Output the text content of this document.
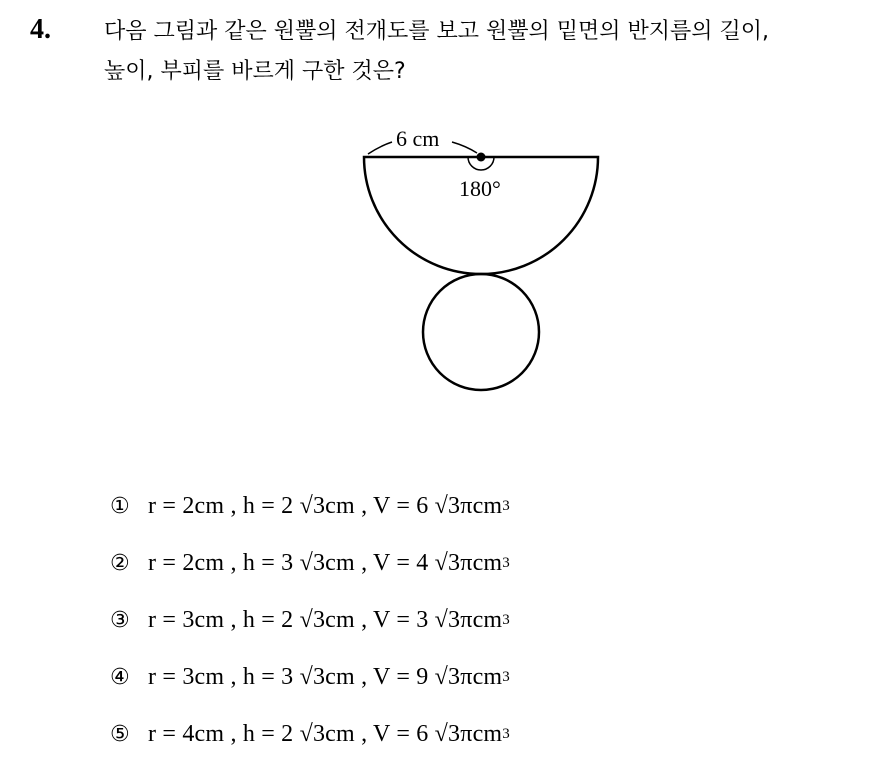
4. 다음 그림과 같은 원뿔의 전개도를 보고 원뿔의 밑면의 반지름의 길이,
높이, 부피를 바르게 구한 것은?
6 cm
180°
① r = 2cm , h = 2 √3cm , V = 6 √3πcm 3
② r = 2cm , h = 3 √3cm , V = 4 √3πcm 3
③ r = 3cm , h = 2 √3cm , V = 3 √3πcm 3
④ r = 3cm , h = 3 √3cm , V = 9 √3πcm 3
⑤ r = 4cm , h = 2 √3cm , V = 6 √3πcm 3
